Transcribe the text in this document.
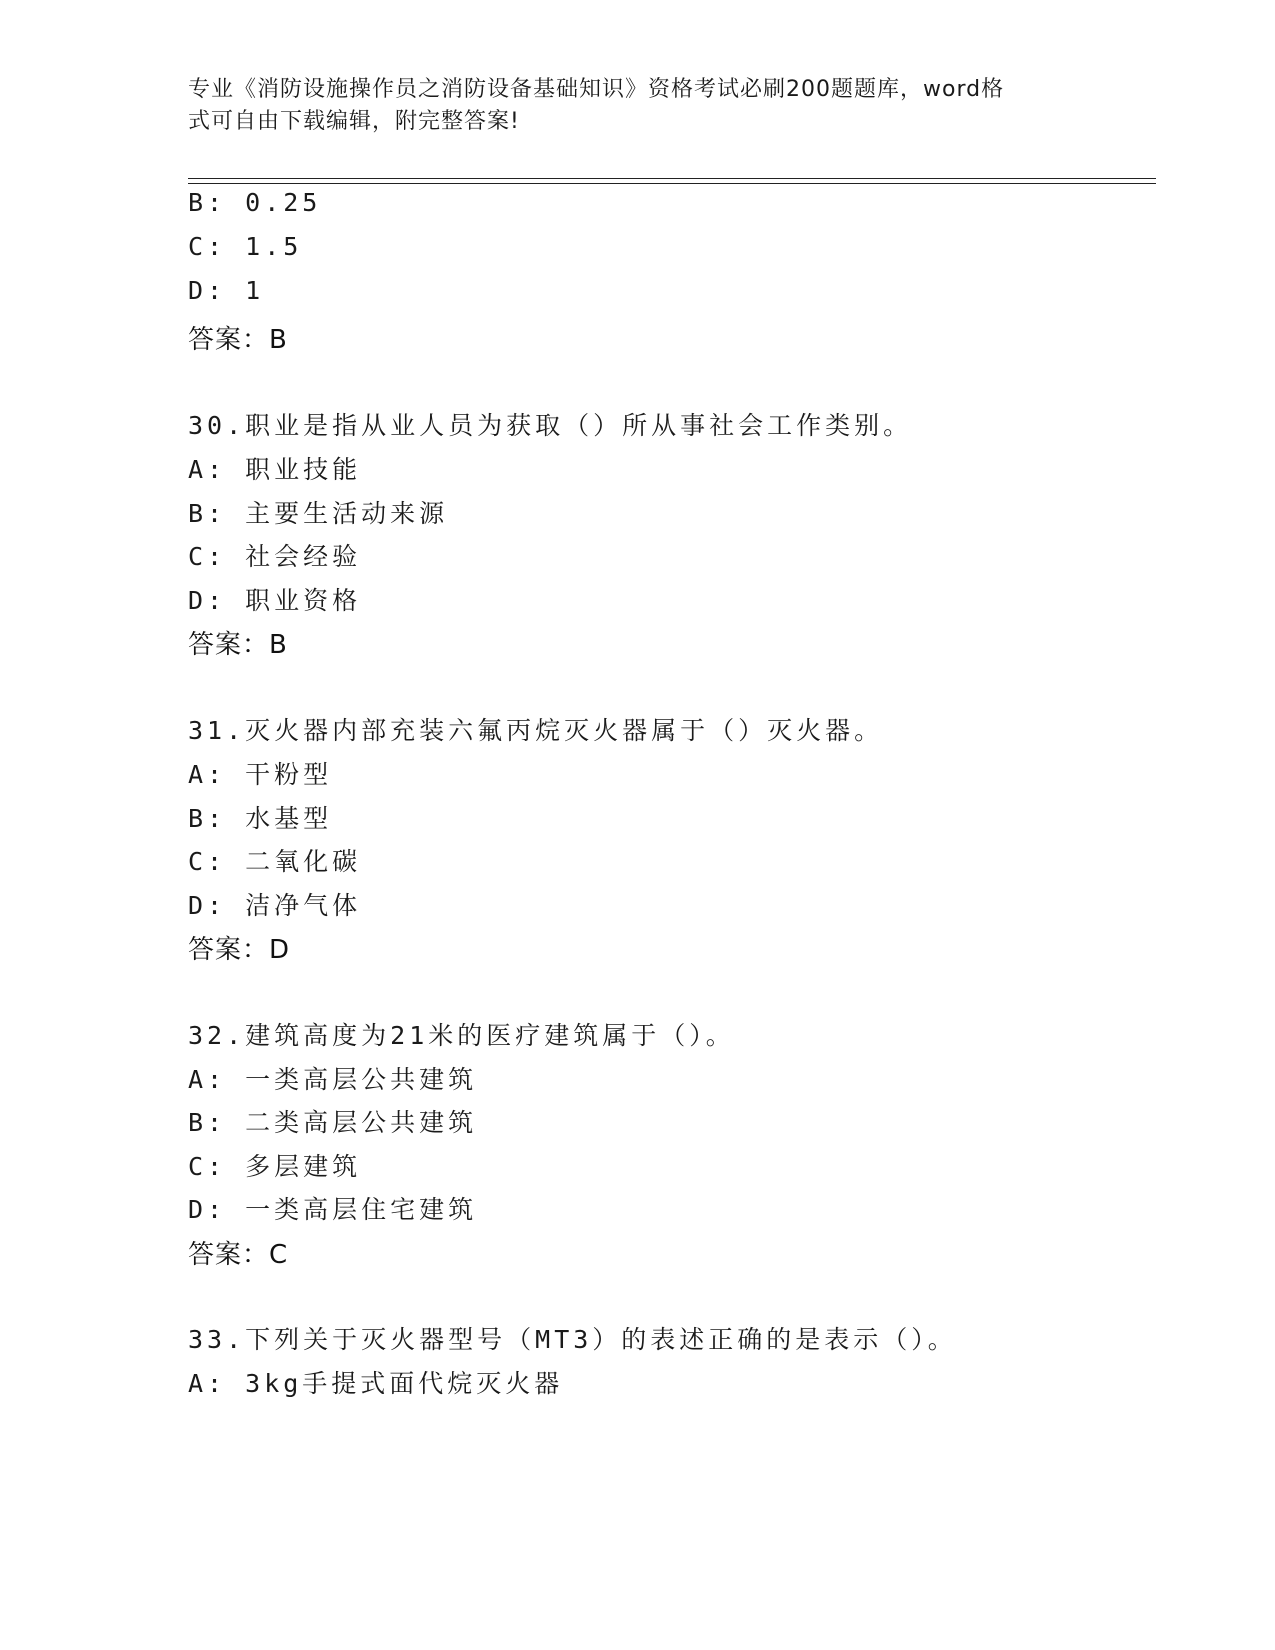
专业《消防设施操作员之消防设备基础知识》资格考试必刷200题题库，word格
式可自由下载编辑，附完整答案!
B: 0.25
C: 1.5
D: 1
答案：B
30.职业是指从业人员为获取（）所从事社会工作类别。
A: 职业技能
B: 主要生活动来源
C: 社会经验
D: 职业资格
答案：B
31.灭火器内部充装六氟丙烷灭火器属于（）灭火器。
A: 干粉型
B: 水基型
C: 二氧化碳
D: 洁净气体
答案：D
32.建筑高度为21米的医疗建筑属于（）。
A: 一类高层公共建筑
B: 二类高层公共建筑
C: 多层建筑
D: 一类高层住宅建筑
答案：C
33.下列关于灭火器型号（MT3）的表述正确的是表示（）。
A: 3kg手提式面代烷灭火器
